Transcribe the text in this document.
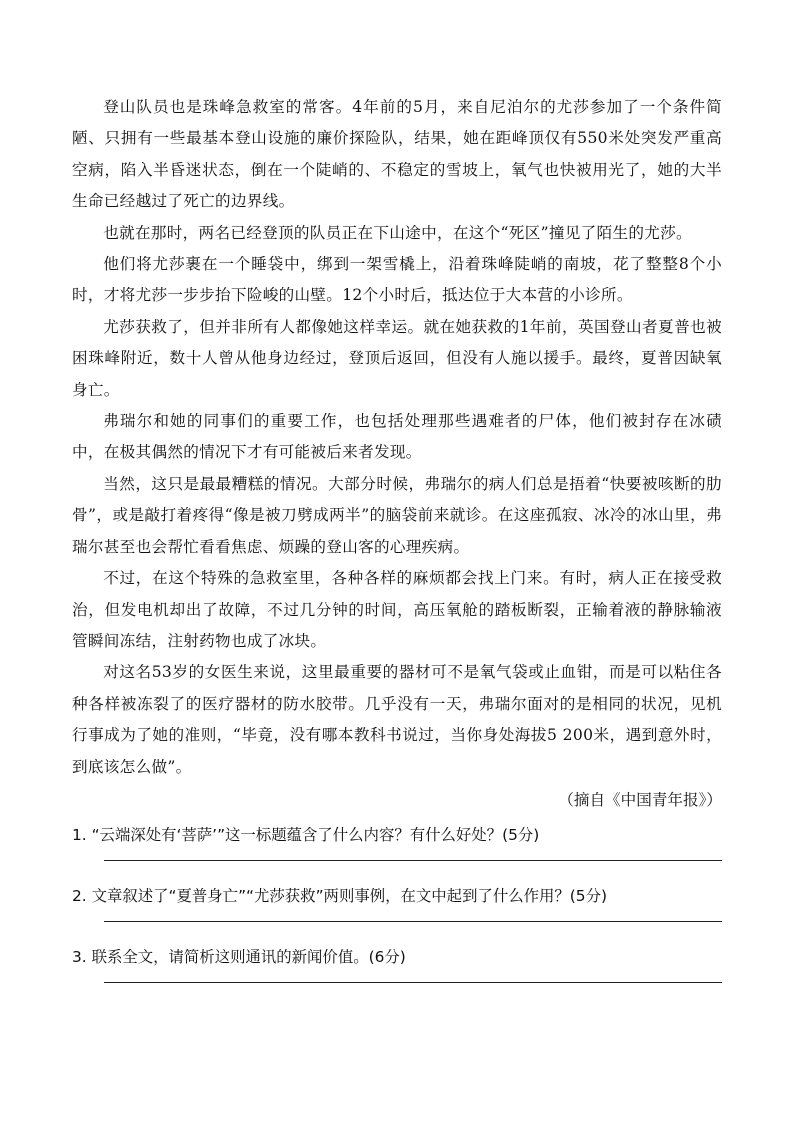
登山队员也是珠峰急救室的常客。4年前的5月，来自尼泊尔的尤莎参加了一个条件简陋、只拥有一些最基本登山设施的廉价探险队，结果，她在距峰顶仅有550米处突发严重高空病，陷入半昏迷状态，倒在一个陡峭的、不稳定的雪坡上，氧气也快被用光了，她的大半生命已经越过了死亡的边界线。

也就在那时，两名已经登顶的队员正在下山途中，在这个“死区”撞见了陌生的尤莎。

他们将尤莎裹在一个睡袋中，绑到一架雪橇上，沿着珠峰陡峭的南坡，花了整整8个小时，才将尤莎一步步抬下险峻的山壁。12个小时后，抵达位于大本营的小诊所。

尤莎获救了，但并非所有人都像她这样幸运。就在她获救的1年前，英国登山者夏普也被困珠峰附近，数十人曾从他身边经过，登顶后返回，但没有人施以援手。最终，夏普因缺氧身亡。

弗瑞尔和她的同事们的重要工作，也包括处理那些遇难者的尸体，他们被封存在冰碛中，在极其偶然的情况下才有可能被后来者发现。

当然，这只是最最糟糕的情况。大部分时候，弗瑞尔的病人们总是捂着“快要被咳断的肋骨”，或是敲打着疼得“像是被刀劈成两半”的脑袋前来就诊。在这座孤寂、冰冷的冰山里，弗瑞尔甚至也会帮忙看看焦虑、烦躁的登山客的心理疾病。

不过，在这个特殊的急救室里，各种各样的麻烦都会找上门来。有时，病人正在接受救治，但发电机却出了故障，不过几分钟的时间，高压氧舱的踏板断裂，正输着液的静脉输液管瞬间冻结，注射药物也成了冰块。

对这名53岁的女医生来说，这里最重要的器材可不是氧气袋或止血钳，而是可以粘住各种各样被冻裂了的医疗器材的防水胶带。几乎没有一天，弗瑞尔面对的是相同的状况，见机行事成为了她的准则，“毕竟，没有哪本教科书说过，当你身处海拔5 200米，遇到意外时，到底该怎么做”。

（摘自《中国青年报》）

1. “云端深处有‘菩萨’”这一标题蕴含了什么内容？有什么好处？(5分)

2. 文章叙述了“夏普身亡”“尤莎获救”两则事例，在文中起到了什么作用？(5分)

3. 联系全文，请简析这则通讯的新闻价值。(6分)
